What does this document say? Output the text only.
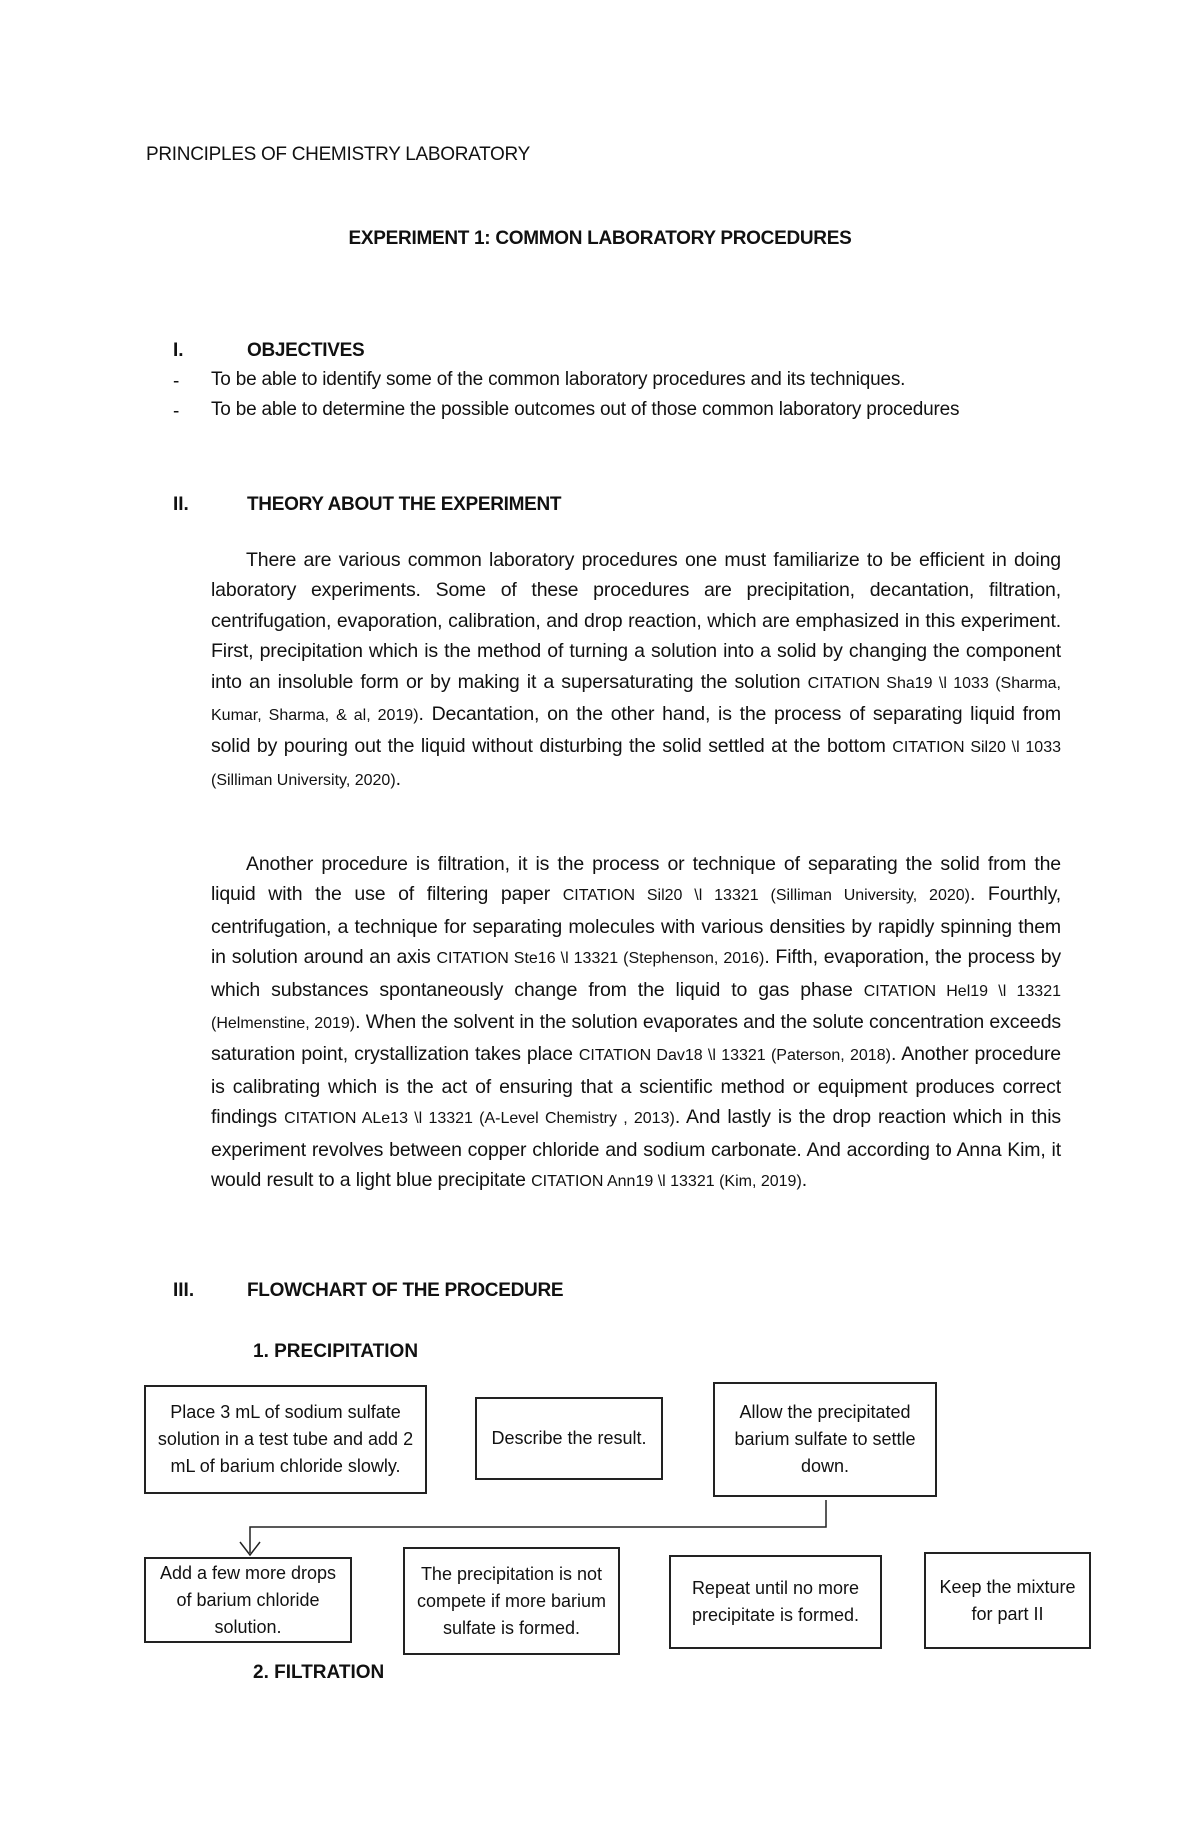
PRINCIPLES OF CHEMISTRY LABORATORY
EXPERIMENT 1: COMMON LABORATORY PROCEDURES
I.	OBJECTIVES
- To be able to identify some of the common laboratory procedures and its techniques.
- To be able to determine the possible outcomes out of those common laboratory procedures
II.	THEORY ABOUT THE EXPERIMENT

There are various common laboratory procedures one must familiarize to be efficient in doing laboratory experiments. Some of these procedures are precipitation, decantation, filtration, centrifugation, evaporation, calibration, and drop reaction, which are emphasized in this experiment. First, precipitation which is the method of turning a solution into a solid by changing the component into an insoluble form or by making it a supersaturating the solution CITATION Sha19 \l 1033 (Sharma, Kumar, Sharma, & al, 2019). Decantation, on the other hand, is the process of separating liquid from solid by pouring out the liquid without disturbing the solid settled at the bottom CITATION Sil20 \l 1033 (Silliman University, 2020).

Another procedure is filtration, it is the process or technique of separating the solid from the liquid with the use of filtering paper CITATION Sil20 \l 13321 (Silliman University, 2020). Fourthly, centrifugation, a technique for separating molecules with various densities by rapidly spinning them in solution around an axis CITATION Ste16 \l 13321 (Stephenson, 2016). Fifth, evaporation, the process by which substances spontaneously change from the liquid to gas phase CITATION Hel19 \l 13321 (Helmenstine, 2019). When the solvent in the solution evaporates and the solute concentration exceeds saturation point, crystallization takes place CITATION Dav18 \l 13321 (Paterson, 2018). Another procedure is calibrating which is the act of ensuring that a scientific method or equipment produces correct findings CITATION ALe13 \l 13321 (A-Level Chemistry , 2013). And lastly is the drop reaction which in this experiment revolves between copper chloride and sodium carbonate. And according to Anna Kim, it would result to a light blue precipitate CITATION Ann19 \l 13321 (Kim, 2019).

III.	FLOWCHART OF THE PROCEDURE
1. PRECIPITATION
Place 3 mL of sodium sulfate solution in a test tube and add 2 mL of barium chloride slowly.
Describe the result.
Allow the precipitated barium sulfate to settle down.
Add a few more drops of barium chloride solution.
The precipitation is not compete if more barium sulfate is formed.
Repeat until no more precipitate is formed.
Keep the mixture for part II
2. FILTRATION
